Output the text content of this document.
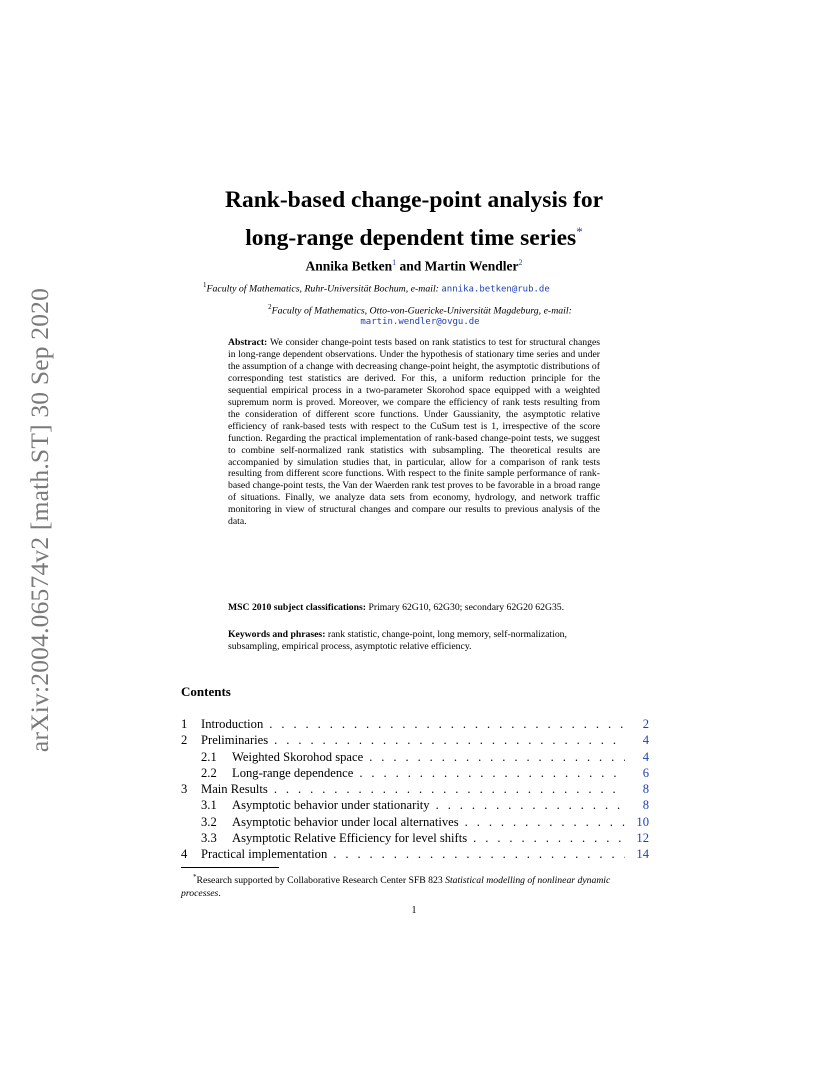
arXiv:2004.06574v2 [math.ST] 30 Sep 2020
Rank-based change-point analysis for
long-range dependent time series*
Annika Betken$^1$ and Martin Wendler$^2$
$^1$Faculty of Mathematics, Ruhr-Universität Bochum, e-mail: annika.betken@rub.de
$^2$Faculty of Mathematics, Otto-von-Guericke-Universität Magdeburg, e-mail:
martin.wendler@ovgu.de
Abstract: We consider change-point tests based on rank statistics to test for structural changes in long-range dependent observations. Under the hypothesis of stationary time series and under the assumption of a change with decreasing change-point height, the asymptotic distributions of corresponding test statistics are derived. For this, a uniform reduction principle for the sequential empirical process in a two-parameter Skorohod space equipped with a weighted supremum norm is proved. Moreover, we compare the efficiency of rank tests resulting from the consideration of different score functions. Under Gaussianity, the asymptotic relative efficiency of rank-based tests with respect to the CuSum test is 1, irrespective of the score function. Regarding the practical implementation of rank-based change-point tests, we suggest to combine self-normalized rank statistics with subsampling. The theoretical results are accompanied by simulation studies that, in particular, allow for a comparison of rank tests resulting from different score functions. With respect to the finite sample performance of rank-based change-point tests, the Van der Waerden rank test proves to be favorable in a broad range of situations. Finally, we analyze data sets from economy, hydrology, and network traffic monitoring in view of structural changes and compare our results to previous analysis of the data.
MSC 2010 subject classifications: Primary 62G10, 62G30; secondary 62G20 62G35.
Keywords and phrases: rank statistic, change-point, long memory, self-normalization, subsampling, empirical process, asymptotic relative efficiency.
Contents
1	Introduction . . .	2
2	Preliminaries . . .	4
2.1	Weighted Skorohod space . . .	4
2.2	Long-range dependence . . .	6
3	Main Results . . .	8
3.1	Asymptotic behavior under stationarity . . .	8
3.2	Asymptotic behavior under local alternatives . . .	10
3.3	Asymptotic Relative Efficiency for level shifts . . .	12
4	Practical implementation . . .	14
*Research supported by Collaborative Research Center SFB 823 Statistical modelling of nonlinear dynamic processes.
1
